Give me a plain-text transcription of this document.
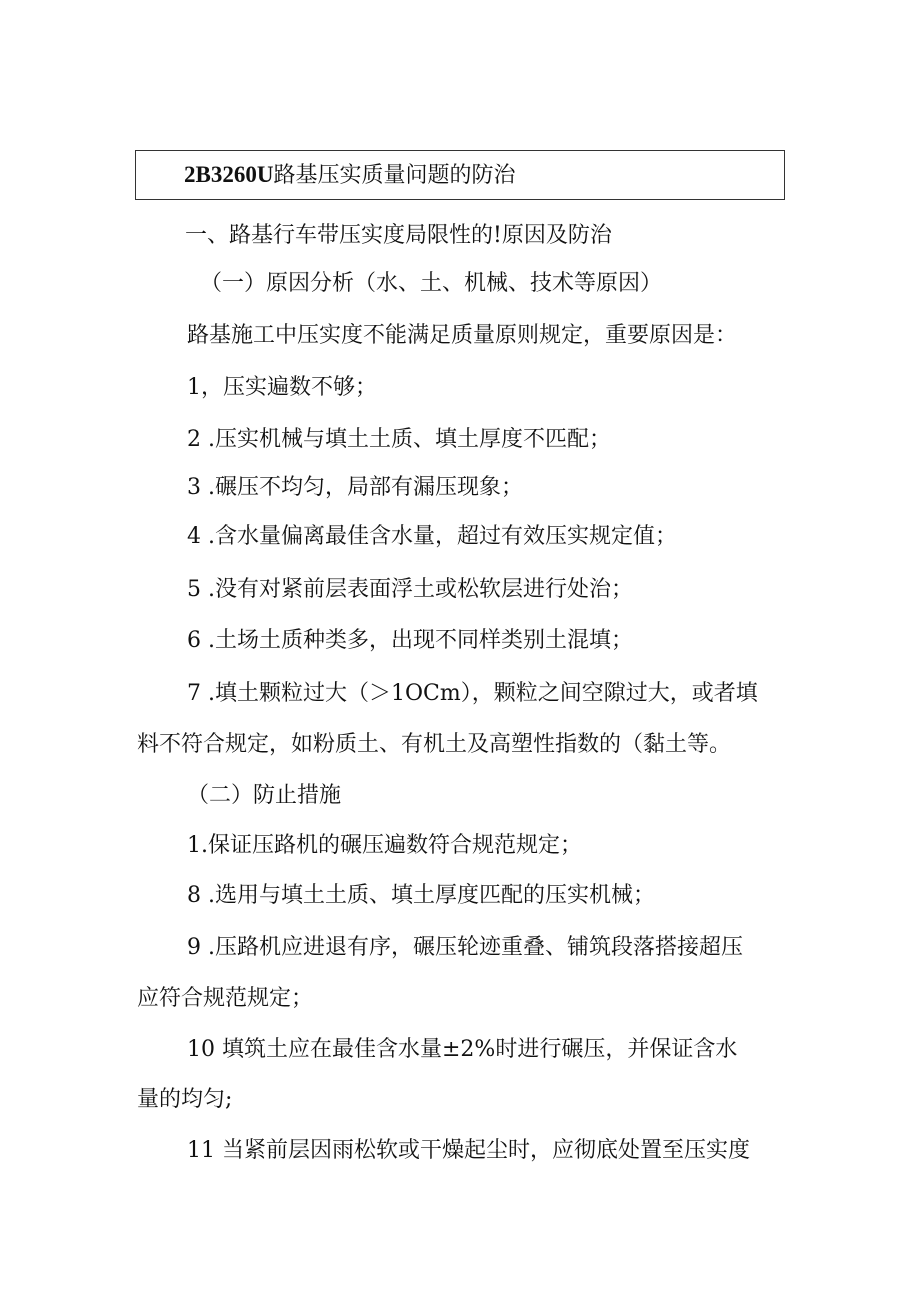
2B3260U路基压实质量问题的防治
一、路基行车带压实度局限性的!原因及防治
（一）原因分析（水、土、机械、技术等原因）
路基施工中压实度不能满足质量原则规定，重要原因是：
1，压实遍数不够；
2 .压实机械与填土土质、填土厚度不匹配；
3 .碾压不均匀，局部有漏压现象；
4 .含水量偏离最佳含水量，超过有效压实规定值；
5 .没有对紧前层表面浮土或松软层进行处治；
6 .土场土质种类多，出现不同样类别土混填；
7 .填土颗粒过大（＞1OCm），颗粒之间空隙过大，或者填
料不符合规定，如粉质土、有机土及高塑性指数的（黏土等。
（二）防止措施
1.保证压路机的碾压遍数符合规范规定；
8 .选用与填土土质、填土厚度匹配的压实机械；
9 .压路机应进退有序，碾压轮迹重叠、铺筑段落搭接超压
应符合规范规定；
10 填筑土应在最佳含水量±2%时进行碾压，并保证含水
量的均匀;
11 当紧前层因雨松软或干燥起尘时，应彻底处置至压实度
